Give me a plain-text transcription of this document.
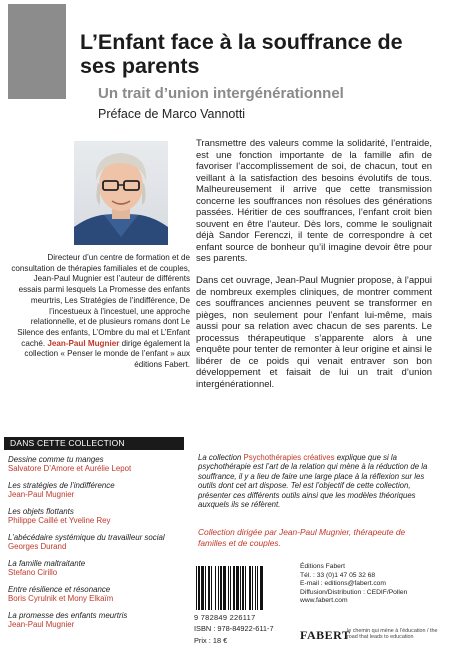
L’Enfant face à la souffrance de ses parents
Un trait d’union intergénérationnel
Préface de Marco Vannotti
Directeur d’un centre de formation et de consultation de thérapies familiales et de couples, Jean-Paul Mugnier est l’auteur de différents essais parmi lesquels La Promesse des enfants meurtris, Les Stratégies de l’indifférence, De l’incestueux à l’incestuel, une approche relationnelle, et de plusieurs romans dont Le Silence des enfants, L’Ombre du mal et L’Enfant caché. Jean-Paul Mugnier dirige également la collection « Penser le monde de l’enfant » aux éditions Fabert.

Transmettre des valeurs comme la solidarité, l’entraide, est une fonction importante de la famille afin de favoriser l’accomplissement de soi, de chacun, tout en veillant à la satisfaction des besoins évolutifs de tous. Malheureusement il arrive que cette transmission concerne les souffrances non résolues des générations passées. Héritier de ces souffrances, l’enfant croit bien souvent en être l’auteur. Dès lors, comme le soulignait déjà Sandor Ferenczi, il tente de correspondre à cet enfant source de bonheur qu’il imagine devoir être pour ses parents.

Dans cet ouvrage, Jean-Paul Mugnier propose, à l’appui de nombreux exemples cliniques, de montrer comment ces souffrances anciennes peuvent se transformer en pièges, non seulement pour l’enfant lui-même, mais aussi pour sa relation avec chacun de ses parents. Le processus thérapeutique s’apparente alors à une enquête pour tenter de remonter à leur origine et ainsi le libérer de ce poids qui venait entraver son bon développement et faisait de lui un trait d’union intergénérationnel.

DANS CETTE COLLECTION
Dessine comme tu manges
Salvatore D’Amore et Aurélie Lepot
Les stratégies de l’indifférence
Jean-Paul Mugnier
Les objets flottants
Philippe Caillé et Yveline Rey
L’abécédaire systémique du travailleur social
Georges Durand
La famille maltraitante
Stefano Cirillo
Entre résilience et résonance
Boris Cyrulnik et Mony Elkaïm
La promesse des enfants meurtris
Jean-Paul Mugnier
La collection Psychothérapies créatives explique que si la psychothérapie est l’art de la relation qui mène à la réduction de la souffrance, il y a lieu de faire une large place à la réflexion sur les outils dont cet art dispose. Tel est l’objectif de cette collection, présenter ces différents outils ainsi que les modèles théoriques auxquels ils se réfèrent.
Collection dirigée par Jean-Paul Mugnier, thérapeute de familles et de couples.
9 782849 226117
ISBN : 978-84922-611-7
Prix : 18 €
Éditions Fabert
Tél. : 33 (0)1 47 05 32 68
E-mail : editions@fabert.com
Diffusion/Distribution : CEDIF/Pollen
www.fabert.com
FABERT
le chemin qui mène à l’éducation / the road that leads to education
